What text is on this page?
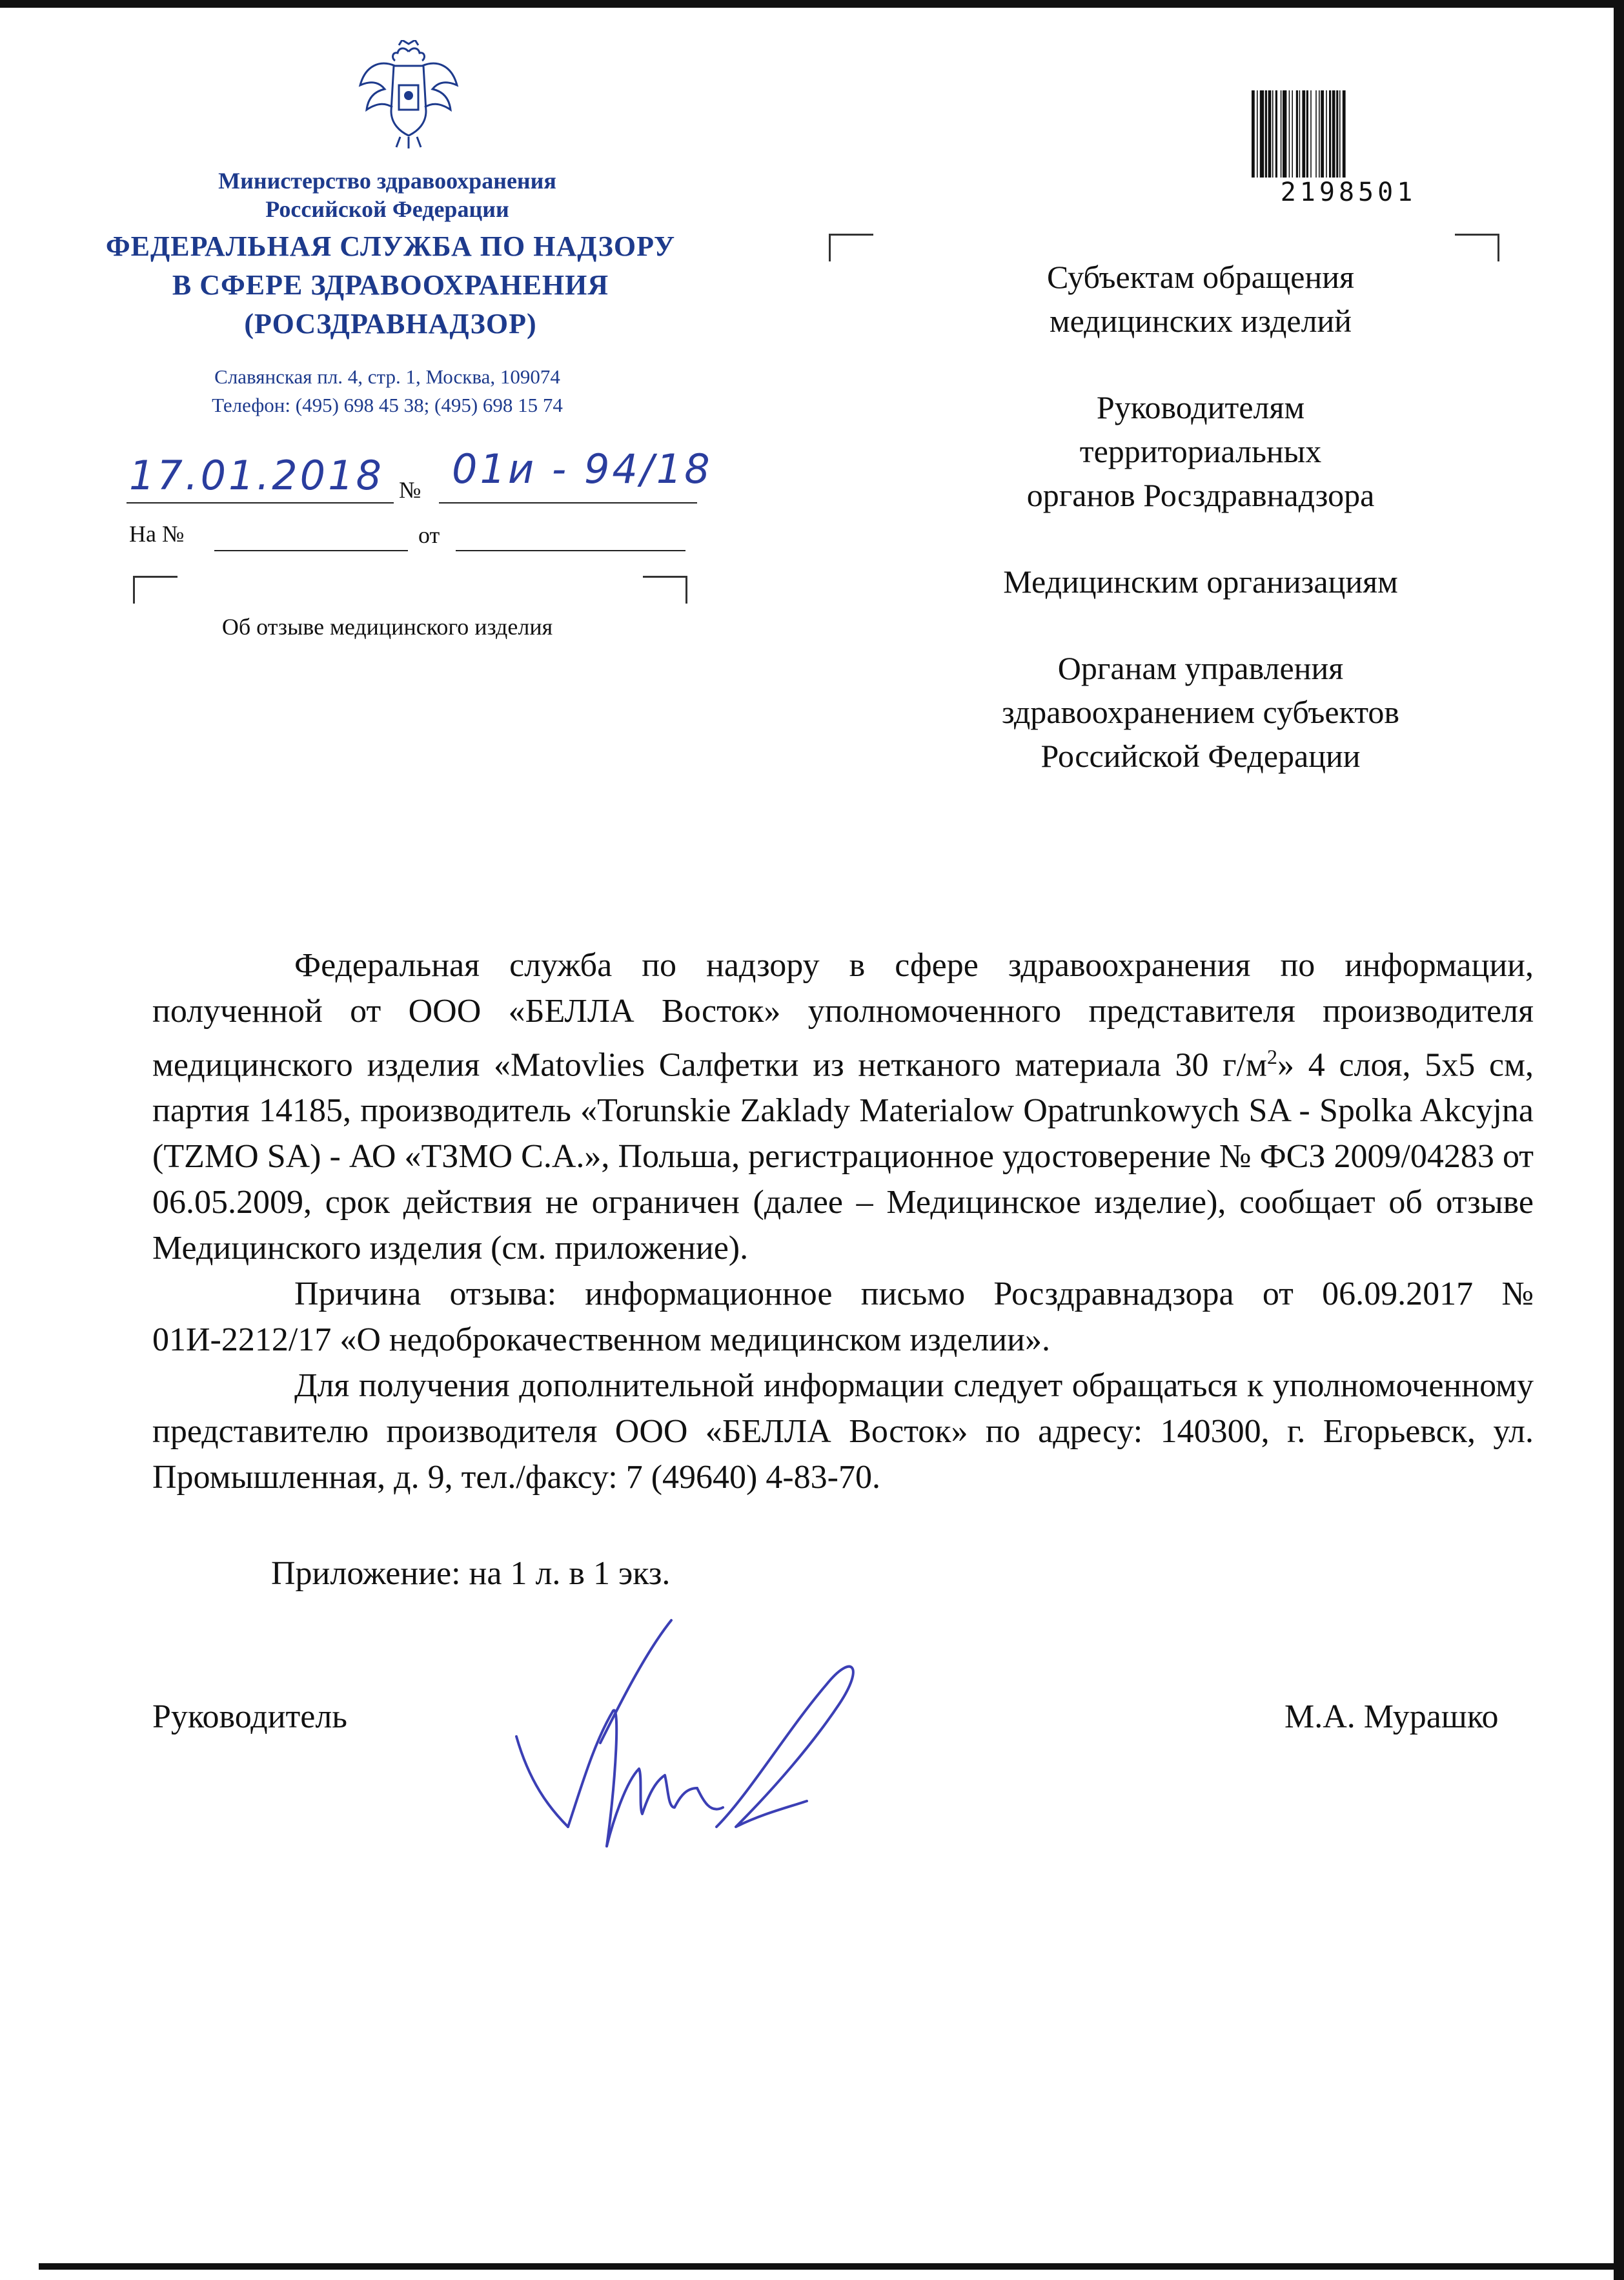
Министерство здравоохранения
Российской Федерации
ФЕДЕРАЛЬНАЯ СЛУЖБА ПО НАДЗОРУ
В СФЕРЕ ЗДРАВООХРАНЕНИЯ
(РОСЗДРАВНАДЗОР)
Славянская пл. 4, стр. 1, Москва, 109074
Телефон: (495) 698 45 38; (495) 698 15 74
17.01.2018 № 01и - 94/18
На №	от
Об отзыве медицинского изделия
2198501
Субъектам обращения
медицинских изделий
Руководителям
территориальных
органов Росздравнадзора
Медицинским организациям
Органам управления
здравоохранением субъектов
Российской Федерации

Федеральная служба по надзору в сфере здравоохранения по информации, полученной от ООО «БЕЛЛА Восток» уполномоченного представителя производителя медицинского изделия «Matovlies Салфетки из нетканого материала 30 $г/м^2$» 4 слоя, 5х5 см, партия 14185, производитель «Torunskie Zaklady Materialow Opatrunkowych SA - Spolka Akcyjna (TZMO SA) - АО «ТЗМО С.А.», Польша, регистрационное удостоверение № ФСЗ 2009/04283 от 06.05.2009, срок действия не ограничен (далее – Медицинское изделие), сообщает об отзыве Медицинского изделия (см. приложение).

Причина отзыва: информационное письмо Росздравнадзора от 06.09.2017 № 01И-2212/17 «О недоброкачественном медицинском изделии».

Для получения дополнительной информации следует обращаться к уполномоченному представителю производителя ООО «БЕЛЛА Восток» по адресу: 140300, г. Егорьевск, ул. Промышленная, д. 9, тел./факсу: 7 (49640) 4-83-70.

Приложение: на 1 л. в 1 экз.
Руководитель	М.А. Мурашко
